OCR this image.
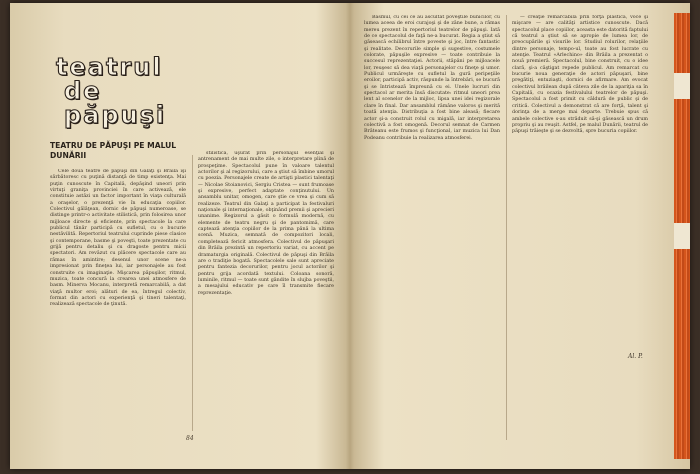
teatrul
de păpuşi
TEATRU DE PĂPUŞI PE MALUL DUNĂRII

Cele două teatre de păpuşi din Galaţi şi Brăila îşi sărbătoresc cu puţină distanţă de timp existenţa. Mai puţin cunoscute în Capitală, depăşind uneori prin virtuţi graniţa provinciei în care activează, ele constituie astăzi un factor important în viaţa culturală a oraşelor, o prezenţă vie în educaţia copiilor. Colectivul gălăţean, dornic de păpuşi numeroase, se distinge printr-o activitate stilistică, prin folosirea unor mijloace directe şi eficiente, prin spectacole la care publicul tânăr participă cu sufletul, cu o bucurie nestăvilită. Repertoriul teatrului cuprinde piese clasice şi contemporane, basme şi poveşti, toate prezentate cu grijă pentru detaliu şi cu dragoste pentru micii spectatori. Am revăzut cu plăcere spectacole care au rămas în amintire; desenul unor scene ne-a impresionat prin fineţea lui, iar personajele au fost construite cu imaginaţie. Mişcarea păpuşilor, ritmul, muzica, toate concură la crearea unei atmosfere de basm. Minerva Mocanu, interpretă remarcabilă, a dat viaţă multor eroi; alături de ea, întregul colectiv, format din actori cu experienţă şi tineri talentaţi, realizează spectacole de ţinută.

stilistică, uşurat prin personajul esenţial şi antrenament de mai multe zile, o interpretare plină de prospeţime. Spectacolul pune în valoare talentul actorilor şi al regizorului, care a ştiut să îmbine umorul cu poezia. Personajele create de artişti plastici talentaţi — Nicolae Stoianovici, Sergiu Cristea — sunt frumoase şi expresive, perfect adaptate conţinutului. Un ansamblu unitar, omogen, care ştie ce vrea şi cum să realizeze. Teatrul din Galaţi a participat la festivaluri naţionale şi internaţionale, obţinând premii şi aprecieri unanime. Regizorul a găsit o formulă modernă, cu elemente de teatru negru şi de pantomimă, care captează atenţia copiilor de la prima până la ultima scenă. Muzica, semnată de compozitori locali, completează fericit atmosfera. Colectivul de păpuşari din Brăila prezintă un repertoriu variat, cu accent pe dramaturgia originală. Colectivul de păpuşi din Brăila are o tradiţie bogată. Spectacolele sale sunt apreciate pentru fantezia decorurilor, pentru jocul actorilor şi pentru grija acordată textului. Coloana sonoră, luminile, ritmul — toate sunt gândite în slujba poveştii, a mesajului educativ pe care îl transmite fiecare reprezentaţie.

84

Basmul, cu cei ce au ascultat poveştile bunicilor, cu lumea aceea de eroi curajoşi şi de zâne bune, a rămas mereu prezent în repertoriul teatrelor de păpuşi. Iată de ce spectacolul de faţă ne-a bucurat. Regia a ştiut să găsească echilibrul între poveste şi joc, între fantastic şi realitate. Decorurile simple şi sugestive, costumele colorate, păpuşile expresive — toate contribuie la succesul reprezentaţiei. Actorii, stăpâni pe mijloacele lor, reuşesc să dea viaţă personajelor cu fineţe şi umor. Publicul urmăreşte cu sufletul la gură peripeţiile eroilor, participă activ, răspunde la întrebări, se bucură şi se întristează împreună cu ei. Unele lucruri din spectacol ar merita însă discutate: ritmul uneori prea lent al scenelor de la mijloc, lipsa unei idei regizorale clare în final. Dar ansamblul rămâne valoros şi merită toată atenţia. Distribuţia a fost bine aleasă; fiecare actor şi-a construit rolul cu migală, iar interpretarea colectivă a fost omogenă. Decorul semnat de Carmen Brăteanu este frumos şi funcţional, iar muzica lui Dan Podeanu contribuie la realizarea atmosferei.

— creaţie remarcabilă prin forţa plastică, voce şi mişcare — are calităţi artistice cunoscute. Dacă spectacolul place copiilor, aceasta este datorită faptului că teatrul a ştiut să se apropie de lumea lor, de preocupările şi visurile lor. Studiul rolurilor, relaţiile dintre personaje, tempo-ul, toate au fost lucrate cu atenţie. Teatrul «Arlechino» din Brăila a prezentat o nouă premieră. Spectacolul, bine construit, cu o idee clară, şi-a câştigat repede publicul. Am remarcat cu bucurie noua generaţie de actori păpuşari, bine pregătiţi, entuziaşti, dornici de afirmare. Am evocat colectivul brăilean după câteva zile de la apariţia sa în Capitală, cu ocazia festivalului teatrelor de păpuşi. Spectacolul a fost primit cu căldură de public şi de critică. Colectivul a demonstrat că are forţă, talent şi dorinţa de a merge mai departe. Trebuie spus că ambele colective s-au străduit să-şi găsească un drum propriu şi au reuşit. Astfel, pe malul Dunării, teatrul de păpuşi trăieşte şi se dezvoltă, spre bucuria copiilor.

Al. P.
